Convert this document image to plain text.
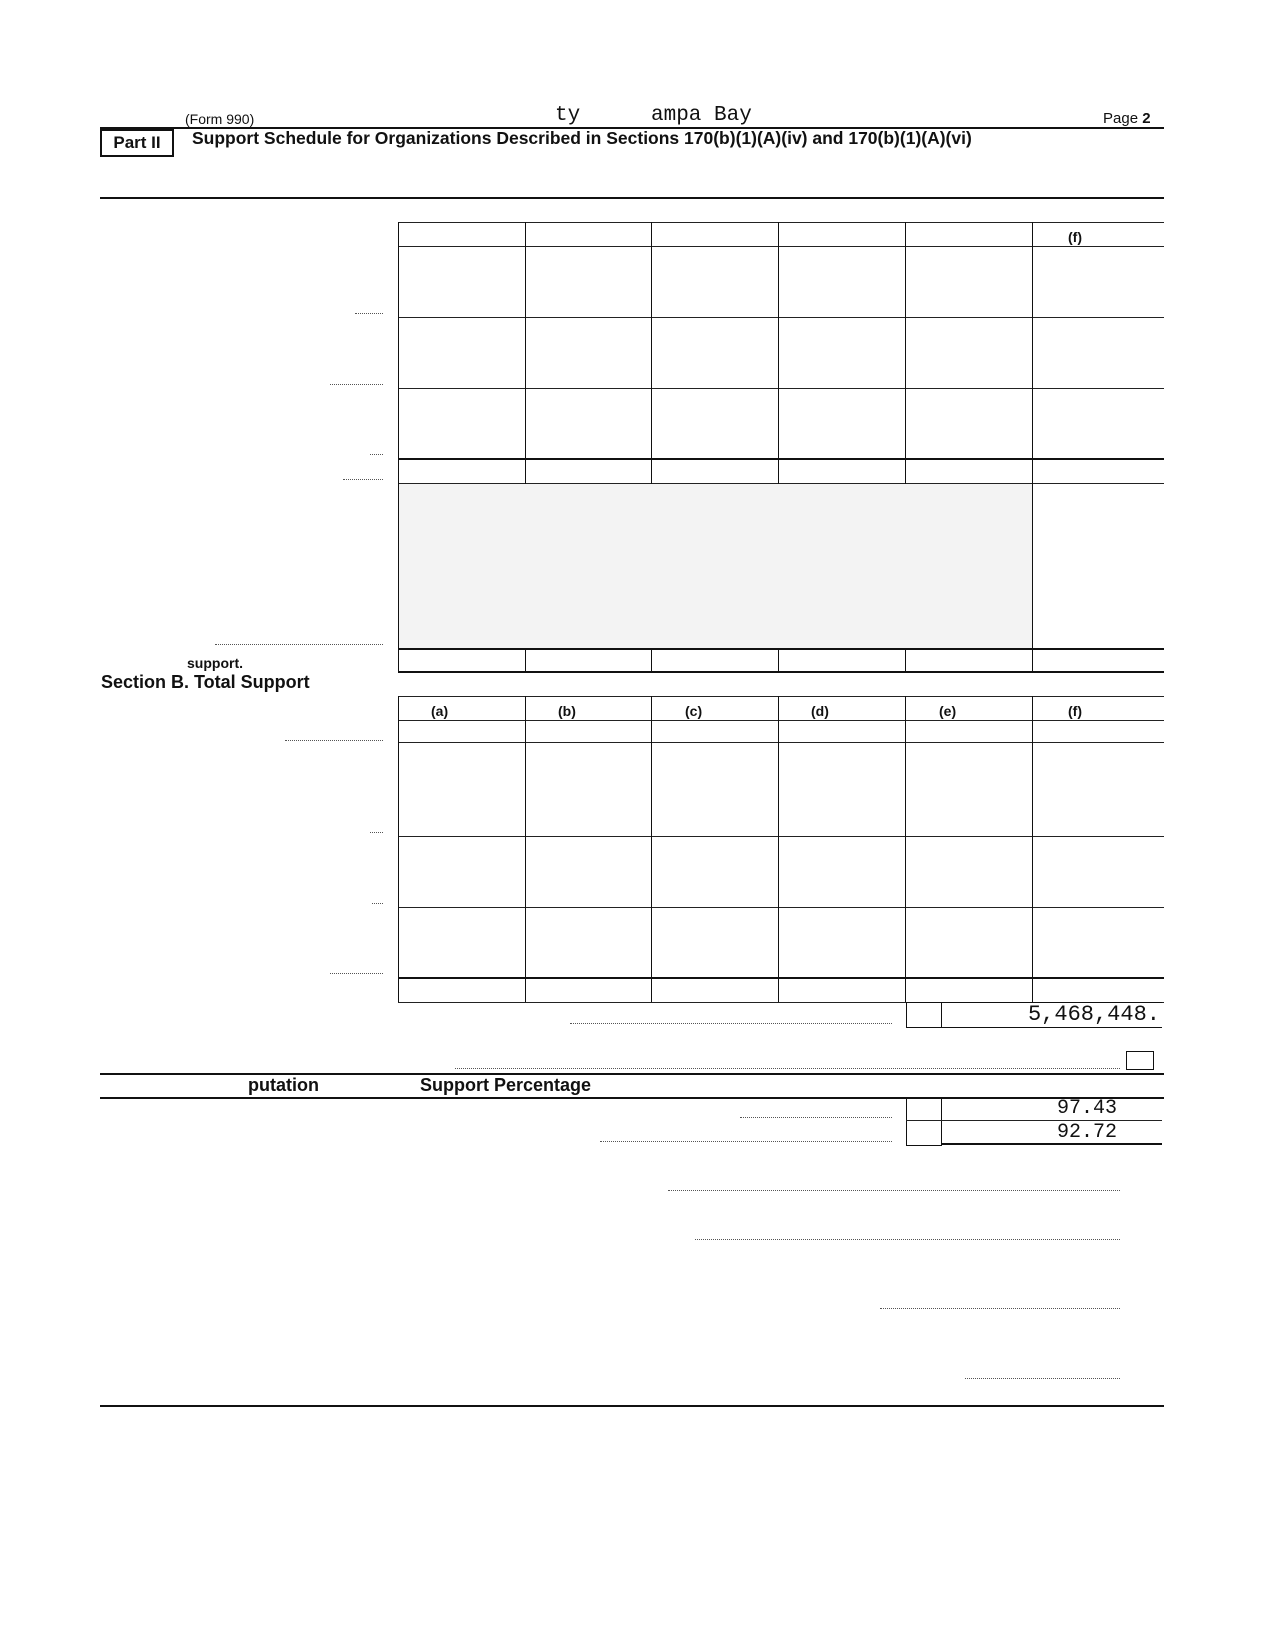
(Form 990)	ty	ampa Bay	Page 2
Part II	Support Schedule for Organizations Described in Sections 170(b)(1)(A)(iv) and 170(b)(1)(A)(vi)
(f)
support.
Section B. Total Support
(a)	(b)	(c)	(d)	(e)	(f)
5,468,448.
putation	Support Percentage
97.43
92.72
